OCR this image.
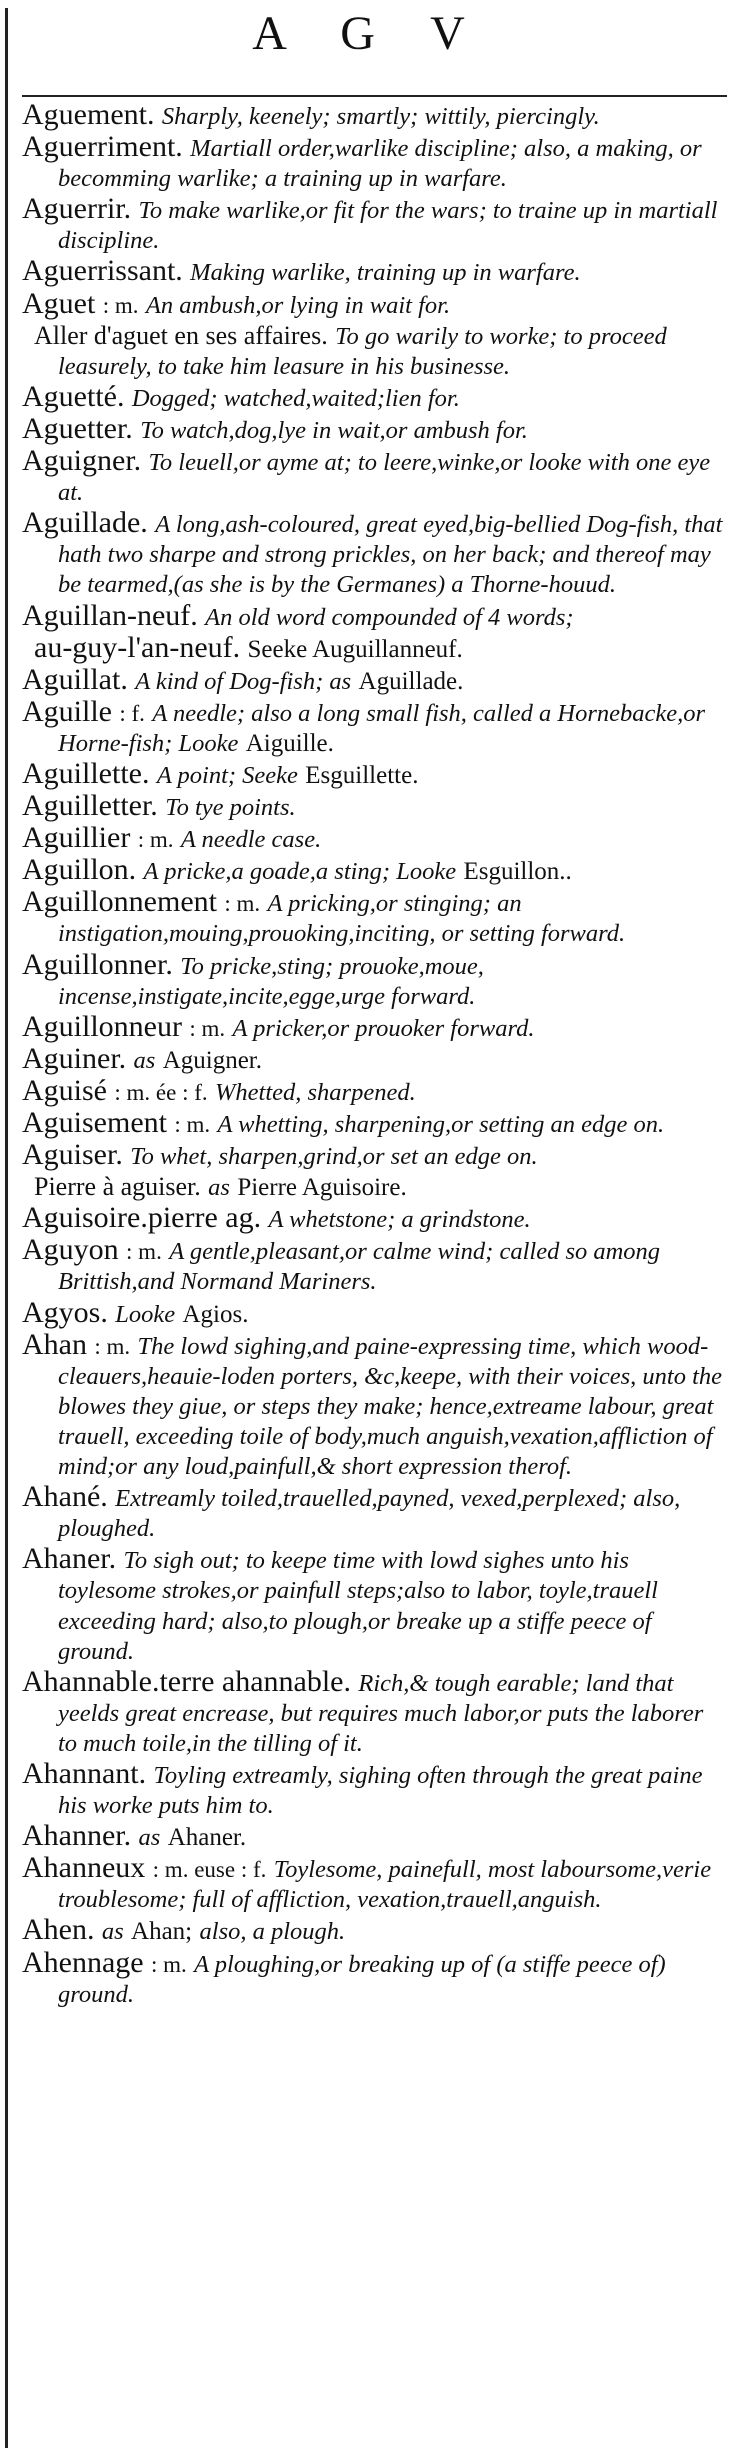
A G V

Aguement. Sharply, keenely; smartly; wittily, piercingly.

Aguerriment. Martiall order,warlike discipline; also, a making, or becomming warlike; a training up in warfare.

Aguerrir. To make warlike,or fit for the wars; to traine up in martiall discipline.

Aguerrissant. Making warlike, training up in warfare.

Aguet : m. An ambush,or lying in wait for.

Aller d'aguet en ses affaires. To go warily to worke; to proceed leasurely, to take him leasure in his businesse.

Aguetté. Dogged; watched,waited;lien for.

Aguetter. To watch,dog,lye in wait,or ambush for.

Aguigner. To leuell,or ayme at; to leere,winke,or looke with one eye at.

Aguillade. A long,ash-coloured, great eyed,big-bellied Dog-fish, that hath two sharpe and strong prickles, on her back; and thereof may be tearmed,(as she is by the Germanes) a Thorne-houud.

Aguillan-neuf. An old word compounded of 4 words;

au-guy-l'an-neuf. Seeke Auguillanneuf.

Aguillat. A kind of Dog-fish; as Aguillade.

Aguille : f. A needle; also a long small fish, called a Hornebacke,or Horne-fish; Looke Aiguille.

Aguillette. A point; Seeke Esguillette.

Aguilletter. To tye points.

Aguillier : m. A needle case.

Aguillon. A pricke,a goade,a sting; Looke Esguillon..

Aguillonnement : m. A pricking,or stinging; an instigation,mouing,prouoking,inciting, or setting forward.

Aguillonner. To pricke,sting; prouoke,moue, incense,instigate,incite,egge,urge forward.

Aguillonneur : m. A pricker,or prouoker forward.

Aguiner. as Aguigner.

Aguisé : m. ée : f. Whetted, sharpened.

Aguisement : m. A whetting, sharpening,or setting an edge on.

Aguiser. To whet, sharpen,grind,or set an edge on.

Pierre à aguiser. as Pierre Aguisoire.

Aguisoire.pierre ag. A whetstone; a grindstone.

Aguyon : m. A gentle,pleasant,or calme wind; called so among Brittish,and Normand Mariners.

Agyos. Looke Agios.

Ahan : m. The lowd sighing,and paine-expressing time, which wood-cleauers,heauie-loden porters, &c,keepe, with their voices, unto the blowes they giue, or steps they make; hence,extreame labour, great trauell, exceeding toile of body,much anguish,vexation,affliction of mind;or any loud,painfull,& short expression therof.

Ahané. Extreamly toiled,trauelled,payned, vexed,perplexed; also, ploughed.

Ahaner. To sigh out; to keepe time with lowd sighes unto his toylesome strokes,or painfull steps;also to labor, toyle,trauell exceeding hard; also,to plough,or breake up a stiffe peece of ground.

Ahannable.terre ahannable. Rich,& tough earable; land that yeelds great encrease, but requires much labor,or puts the laborer to much toile,in the tilling of it.

Ahannant. Toyling extreamly, sighing often through the great paine his worke puts him to.

Ahanner. as Ahaner.

Ahanneux : m. euse : f. Toylesome, painefull, most laboursome,verie troublesome; full of affliction, vexation,trauell,anguish.

Ahen. as Ahan; also, a plough.

Ahennage : m. A ploughing,or breaking up of (a stiffe peece of) ground.
